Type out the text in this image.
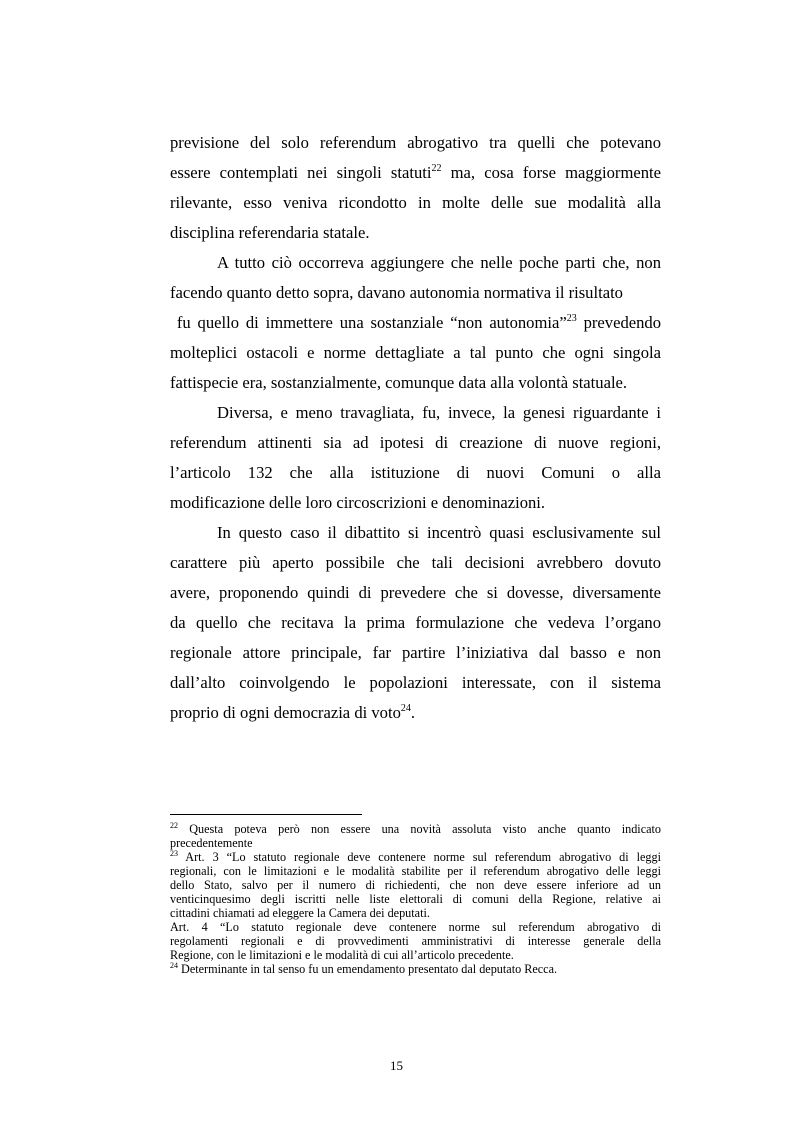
previsione del solo referendum abrogativo tra quelli che potevano
essere contemplati nei singoli statuti$^{22}$ ma, cosa forse maggiormente
rilevante, esso veniva ricondotto in molte delle sue modalità alla
disciplina referendaria statale.

A tutto ciò occorreva aggiungere che nelle poche parti che, non
facendo quanto detto sopra, davano autonomia normativa il risultato
fu quello di immettere una sostanziale “non autonomia”$^{23}$ prevedendo
molteplici ostacoli e norme dettagliate a tal punto che ogni singola
fattispecie era, sostanzialmente, comunque data alla volontà statuale.

Diversa, e meno travagliata, fu, invece, la genesi riguardante i
referendum attinenti sia ad ipotesi di creazione di nuove regioni,
l’articolo 132 che alla istituzione di nuovi Comuni o alla
modificazione delle loro circoscrizioni e denominazioni.

In questo caso il dibattito si incentrò quasi esclusivamente sul
carattere più aperto possibile che tali decisioni avrebbero dovuto
avere, proponendo quindi di prevedere che si dovesse, diversamente
da quello che recitava la prima formulazione che vedeva l’organo
regionale attore principale, far partire l’iniziativa dal basso e non
dall’alto coinvolgendo le popolazioni interessate, con il sistema
proprio di ogni democrazia di voto$^{24}$.

$^{22}$ Questa poteva però non essere una novità assoluta visto anche quanto indicato
precedentemente
$^{23}$ Art. 3 “Lo statuto regionale deve contenere norme sul referendum abrogativo di leggi
regionali, con le limitazioni e le modalità stabilite per il referendum abrogativo delle leggi
dello Stato, salvo per il numero di richiedenti, che non deve essere inferiore ad un
venticinquesimo degli iscritti nelle liste elettorali di comuni della Regione, relative ai
cittadini chiamati ad eleggere la Camera dei deputati.
Art. 4 “Lo statuto regionale deve contenere norme sul referendum abrogativo di
regolamenti regionali e di provvedimenti amministrativi di interesse generale della
Regione, con le limitazioni e le modalità di cui all’articolo precedente.
$^{24}$ Determinante in tal senso fu un emendamento presentato dal deputato Recca.
15
